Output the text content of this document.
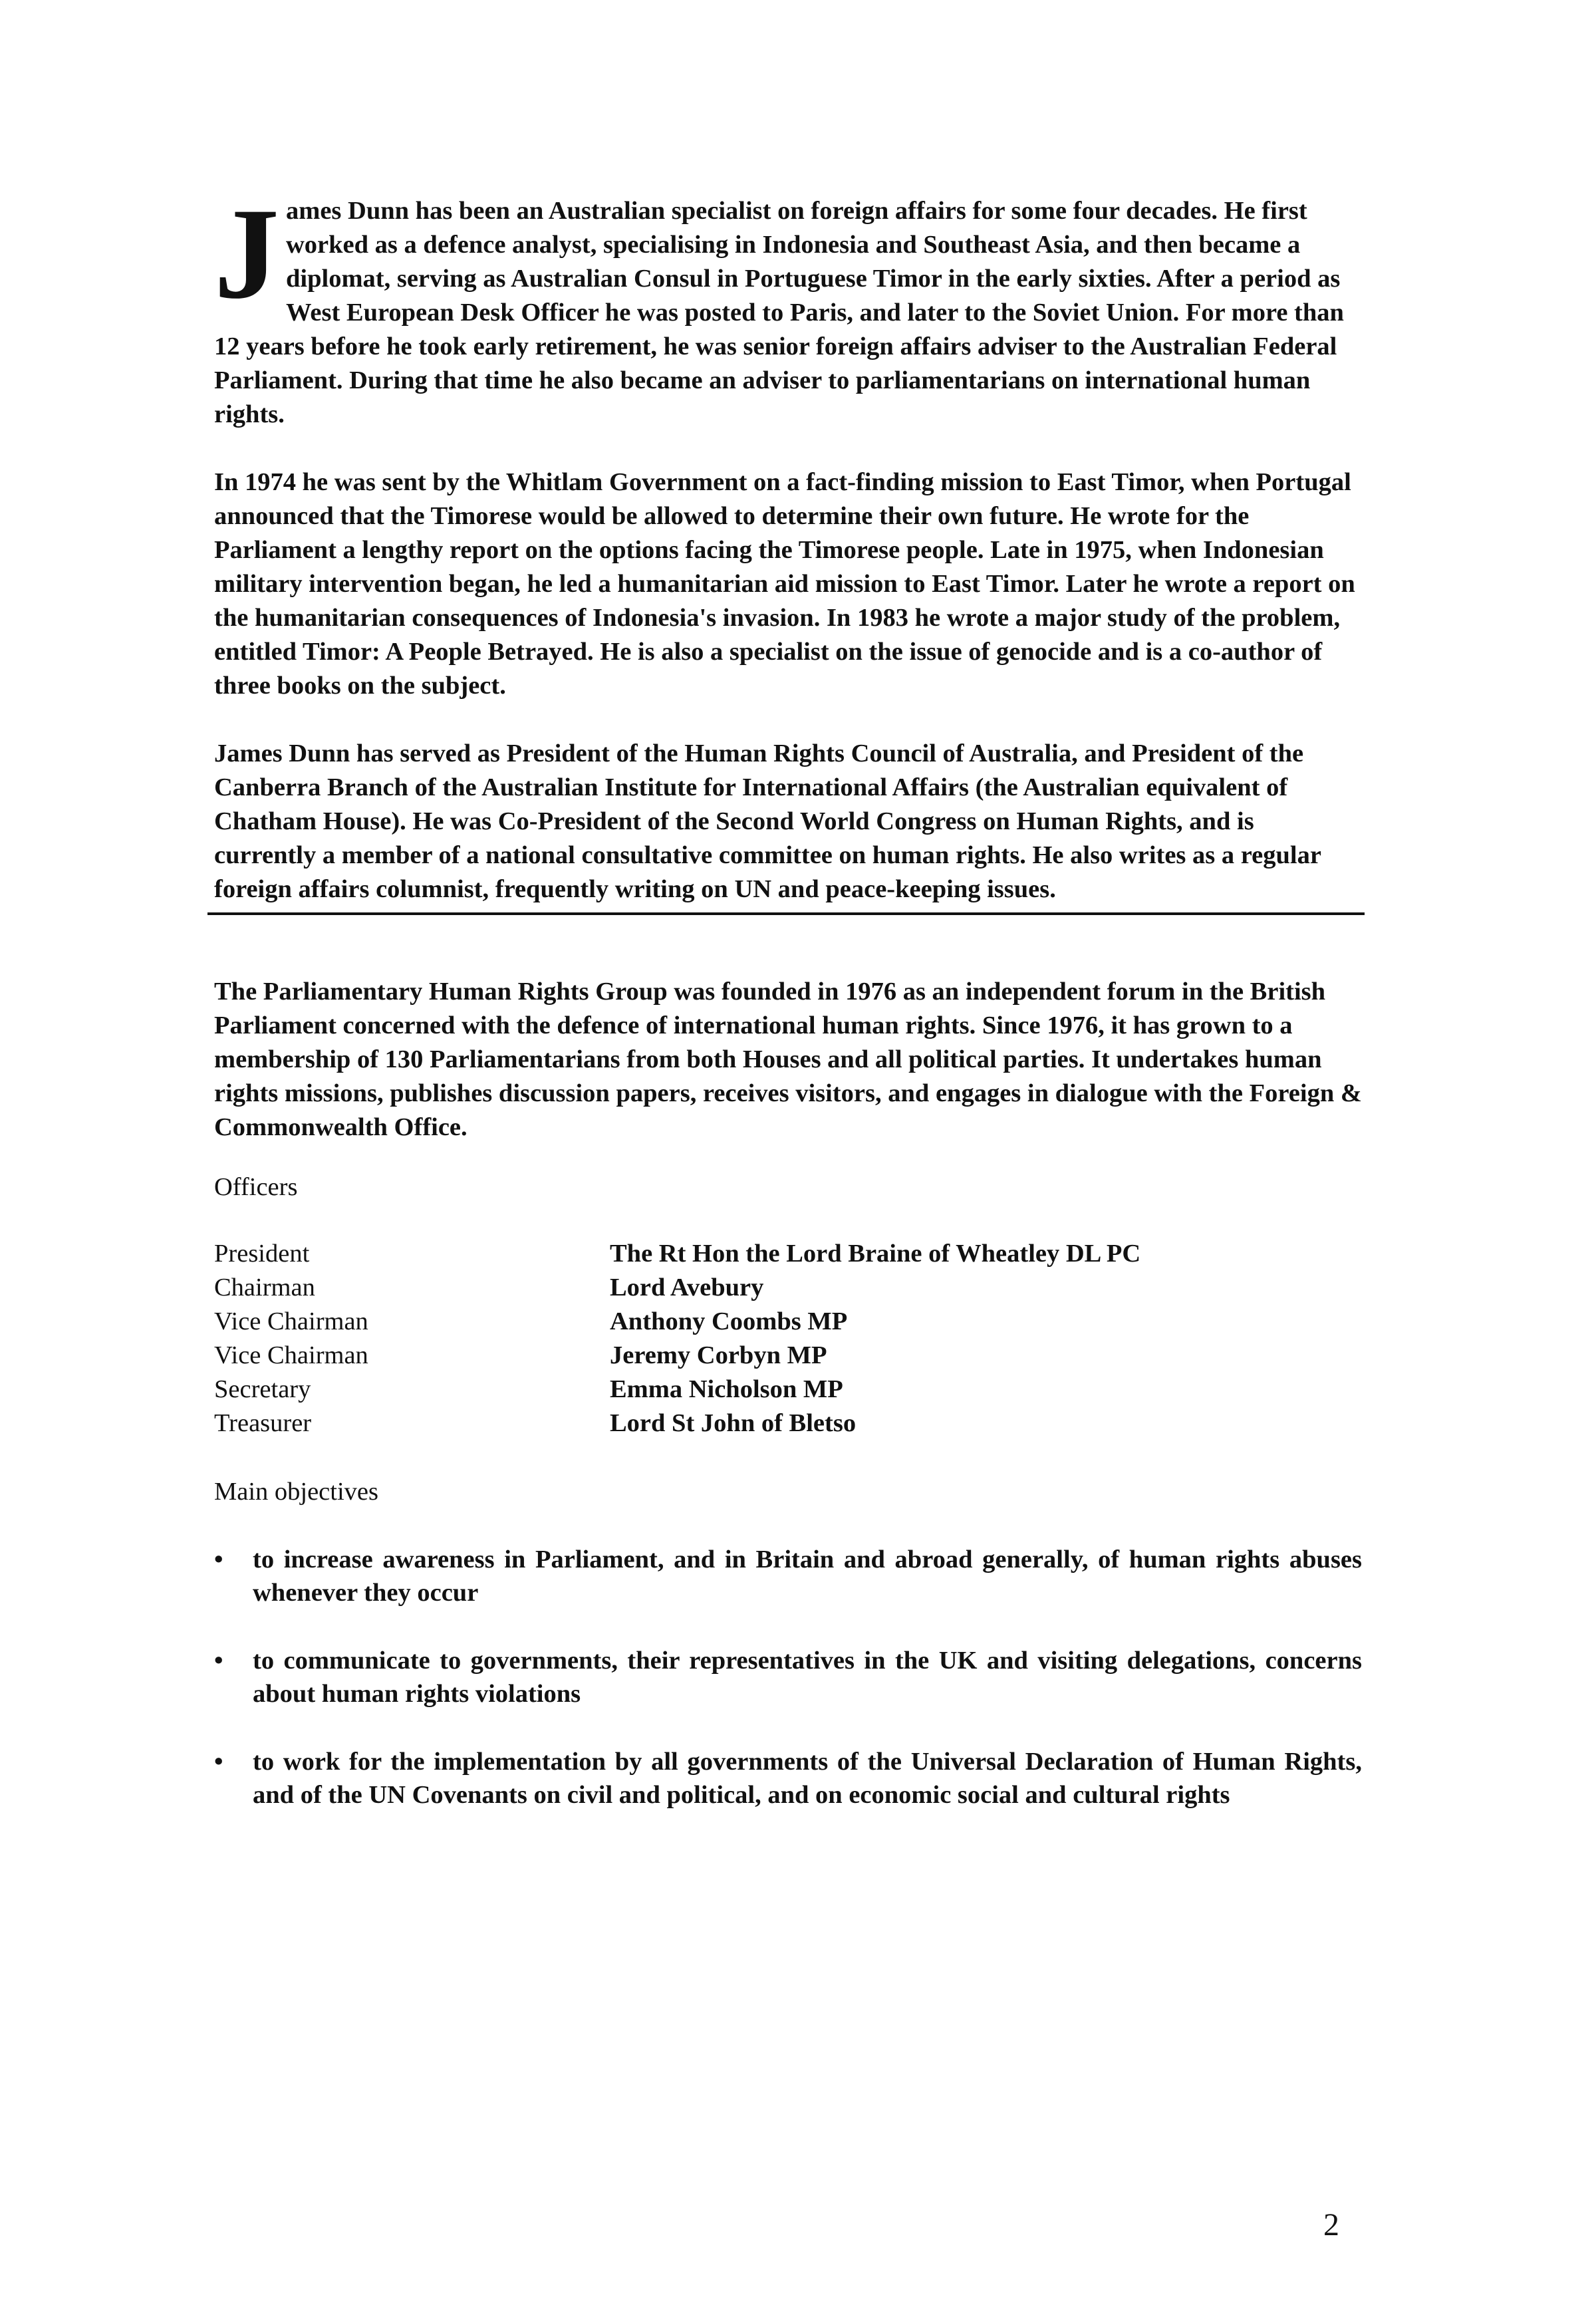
J ames Dunn has been an Australian specialist on foreign affairs for some four decades. He first worked as a defence analyst, specialising in Indonesia and Southeast Asia, and then became a diplomat, serving as Australian Consul in Portuguese Timor in the early sixties. After a period as West European Desk Officer he was posted to Paris, and later to the Soviet Union. For more than 12 years before he took early retirement, he was senior foreign affairs adviser to the Australian Federal Parliament. During that time he also became an adviser to parliamentarians on international human rights.

In 1974 he was sent by the Whitlam Government on a fact-finding mission to East Timor, when Portugal announced that the Timorese would be allowed to determine their own future. He wrote for the Parliament a lengthy report on the options facing the Timorese people. Late in 1975, when Indonesian military intervention began, he led a humanitarian aid mission to East Timor. Later he wrote a report on the humanitarian consequences of Indonesia's invasion. In 1983 he wrote a major study of the problem, entitled Timor: A People Betrayed. He is also a specialist on the issue of genocide and is a co-author of three books on the subject.

James Dunn has served as President of the Human Rights Council of Australia, and President of the Canberra Branch of the Australian Institute for International Affairs (the Australian equivalent of Chatham House). He was Co-President of the Second World Congress on Human Rights, and is currently a member of a national consultative committee on human rights. He also writes as a regular foreign affairs columnist, frequently writing on UN and peace-keeping issues.

The Parliamentary Human Rights Group was founded in 1976 as an independent forum in the British Parliament concerned with the defence of international human rights. Since 1976, it has grown to a membership of 130 Parliamentarians from both Houses and all political parties. It undertakes human rights missions, publishes discussion papers, receives visitors, and engages in dialogue with the Foreign & Commonwealth Office.

Officers

President	The Rt Hon the Lord Braine of Wheatley DL PC
Chairman	Lord Avebury
Vice Chairman	Anthony Coombs MP
Vice Chairman	Jeremy Corbyn MP
Secretary	Emma Nicholson MP
Treasurer	Lord St John of Bletso

Main objectives

•	to increase awareness in Parliament, and in Britain and abroad generally, of human rights abuses whenever they occur
•	to communicate to governments, their representatives in the UK and visiting delegations, concerns about human rights violations
•	to work for the implementation by all governments of the Universal Declaration of Human Rights, and of the UN Covenants on civil and political, and on economic social and cultural rights
2
